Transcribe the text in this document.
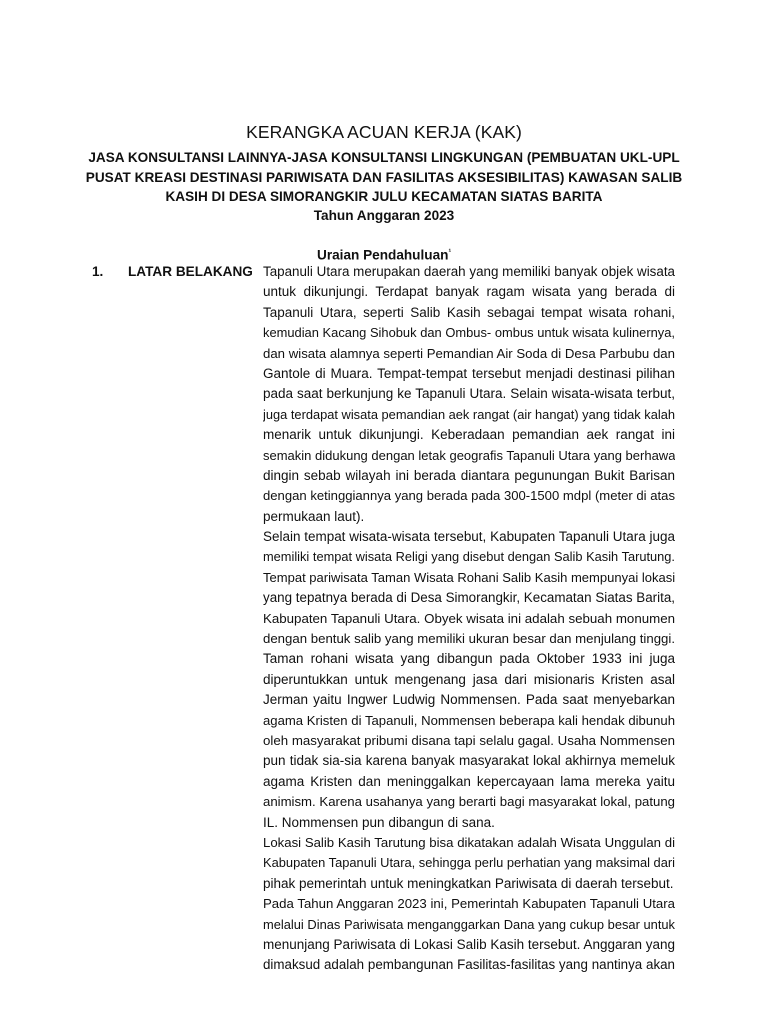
KERANGKA ACUAN KERJA (KAK)
JASA KONSULTANSI LAINNYA-JASA KONSULTANSI LINGKUNGAN (PEMBUATAN UKL-UPL
PUSAT KREASI DESTINASI PARIWISATA DAN FASILITAS AKSESIBILITAS) KAWASAN SALIB
KASIH DI DESA SIMORANGKIR JULU KECAMATAN SIATAS BARITA
Tahun Anggaran 2023
Uraian Pendahuluan$^{^1}$
1. LATAR BELAKANG Tapanuli Utara merupakan daerah yang memiliki banyak objek wisata
untuk dikunjungi. Terdapat banyak ragam wisata yang berada di
Tapanuli Utara, seperti Salib Kasih sebagai tempat wisata rohani,
kemudian Kacang Sihobuk dan Ombus- ombus untuk wisata kulinernya,
dan wisata alamnya seperti Pemandian Air Soda di Desa Parbubu dan
Gantole di Muara. Tempat-tempat tersebut menjadi destinasi pilihan
pada saat berkunjung ke Tapanuli Utara. Selain wisata-wisata terbut,
juga terdapat wisata pemandian aek rangat (air hangat) yang tidak kalah
menarik untuk dikunjungi. Keberadaan pemandian aek rangat ini
semakin didukung dengan letak geografis Tapanuli Utara yang berhawa
dingin sebab wilayah ini berada diantara pegunungan Bukit Barisan
dengan ketinggiannya yang berada pada 300-1500 mdpl (meter di atas
permukaan laut).
Selain tempat wisata-wisata tersebut, Kabupaten Tapanuli Utara juga
memiliki tempat wisata Religi yang disebut dengan Salib Kasih Tarutung.
Tempat pariwisata Taman Wisata Rohani Salib Kasih mempunyai lokasi
yang tepatnya berada di Desa Simorangkir, Kecamatan Siatas Barita,
Kabupaten Tapanuli Utara. Obyek wisata ini adalah sebuah monumen
dengan bentuk salib yang memiliki ukuran besar dan menjulang tinggi.
Taman rohani wisata yang dibangun pada Oktober 1933 ini juga
diperuntukkan untuk mengenang jasa dari misionaris Kristen asal
Jerman yaitu Ingwer Ludwig Nommensen. Pada saat menyebarkan
agama Kristen di Tapanuli, Nommensen beberapa kali hendak dibunuh
oleh masyarakat pribumi disana tapi selalu gagal. Usaha Nommensen
pun tidak sia-sia karena banyak masyarakat lokal akhirnya memeluk
agama Kristen dan meninggalkan kepercayaan lama mereka yaitu
animism. Karena usahanya yang berarti bagi masyarakat lokal, patung
IL. Nommensen pun dibangun di sana.
Lokasi Salib Kasih Tarutung bisa dikatakan adalah Wisata Unggulan di
Kabupaten Tapanuli Utara, sehingga perlu perhatian yang maksimal dari
pihak pemerintah untuk meningkatkan Pariwisata di daerah tersebut.
Pada Tahun Anggaran 2023 ini, Pemerintah Kabupaten Tapanuli Utara
melalui Dinas Pariwisata menganggarkan Dana yang cukup besar untuk
menunjang Pariwisata di Lokasi Salib Kasih tersebut. Anggaran yang
dimaksud adalah pembangunan Fasilitas-fasilitas yang nantinya akan
